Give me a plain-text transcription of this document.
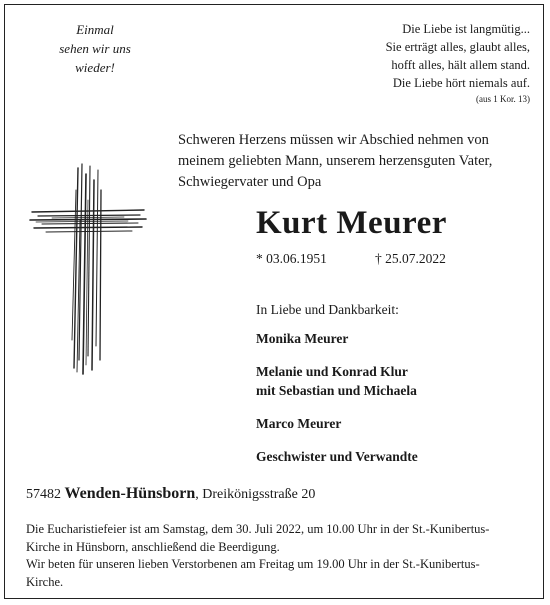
Einmal
sehen wir uns
wieder!
Die Liebe ist langmütig...
Sie erträgt alles, glaubt alles,
hofft alles, hält allem stand.
Die Liebe hört niemals auf.
(aus 1 Kor. 13)
Schweren Herzens müssen wir Abschied nehmen von
meinem geliebten Mann, unserem herzensguten Vater,
Schwiegervater und Opa
Kurt Meurer
* 03.06.1951	† 25.07.2022
In Liebe und Dankbarkeit:
Monika Meurer
Melanie und Konrad Klur
mit Sebastian und Michaela
Marco Meurer
Geschwister und Verwandte
57482 Wenden-Hünsborn, Dreikönigsstraße 20

Die Eucharistiefeier ist am Samstag, dem 30. Juli 2022, um 10.00 Uhr in der St.-Kunibertus-
Kirche in Hünsborn, anschließend die Beerdigung.

Wir beten für unseren lieben Verstorbenen am Freitag um 19.00 Uhr in der St.-Kunibertus-
Kirche.
